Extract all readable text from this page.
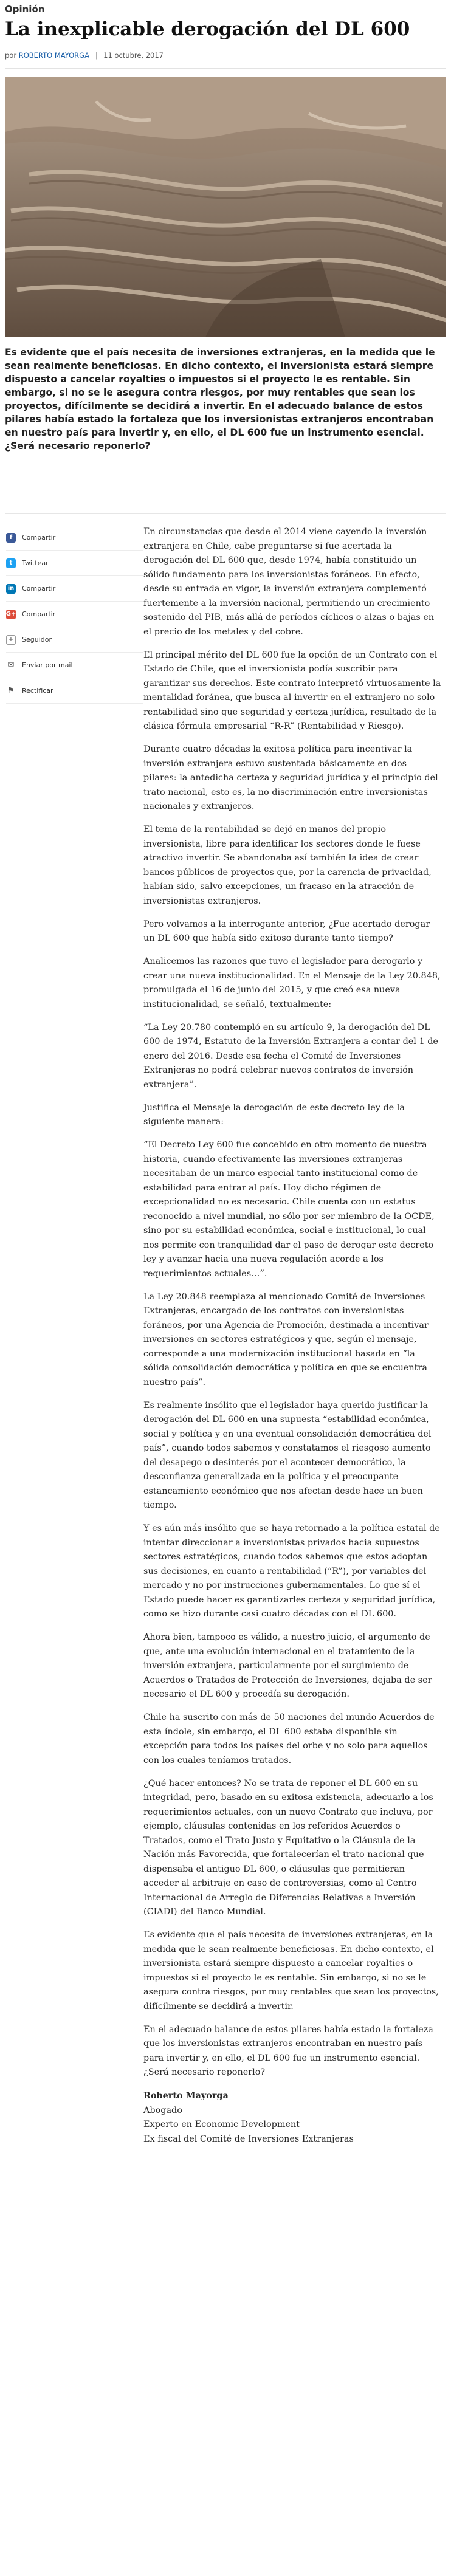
Opinión
La inexplicable derogación del DL 600
por ROBERTO MAYORGA | 11 octubre, 2017
Es evidente que el país necesita de inversiones extranjeras, en la medida que le sean realmente beneficiosas. En dicho contexto, el inversionista estará siempre dispuesto a cancelar royalties o impuestos si el proyecto le es rentable. Sin embargo, si no se le asegura contra riesgos, por muy rentables que sean los proyectos, difícilmente se decidirá a invertir. En el adecuado balance de estos pilares había estado la fortaleza que los inversionistas extranjeros encontraban en nuestro país para invertir y, en ello, el DL 600 fue un instrumento esencial. ¿Será necesario reponerlo?
f	Compartir
t	Twittear
in Compartir
G+ Compartir
+	Seguidor
✉ Enviar por mail
⚑ Rectificar

En circunstancias que desde el 2014 viene cayendo la inversión extranjera en Chile, cabe preguntarse si fue acertada la derogación del DL 600 que, desde 1974, había constituido un sólido fundamento para los inversionistas foráneos. En efecto, desde su entrada en vigor, la inversión extranjera complementó fuertemente a la inversión nacional, permitiendo un crecimiento sostenido del PIB, más allá de períodos cíclicos o alzas o bajas en el precio de los metales y del cobre.

El principal mérito del DL 600 fue la opción de un Contrato con el Estado de Chile, que el inversionista podía suscribir para garantizar sus derechos. Este contrato interpretó virtuosamente la mentalidad foránea, que busca al invertir en el extranjero no solo rentabilidad sino que seguridad y certeza jurídica, resultado de la clásica fórmula empresarial “R-R” (Rentabilidad y Riesgo).

Durante cuatro décadas la exitosa política para incentivar la inversión extranjera estuvo sustentada básicamente en dos pilares: la antedicha certeza y seguridad jurídica y el principio del trato nacional, esto es, la no discriminación entre inversionistas nacionales y extranjeros.

El tema de la rentabilidad se dejó en manos del propio inversionista, libre para identificar los sectores donde le fuese atractivo invertir. Se abandonaba así también la idea de crear bancos públicos de proyectos que, por la carencia de privacidad, habían sido, salvo excepciones, un fracaso en la atracción de inversionistas extranjeros.

Pero volvamos a la interrogante anterior, ¿Fue acertado derogar un DL 600 que había sido exitoso durante tanto tiempo?

Analicemos las razones que tuvo el legislador para derogarlo y crear una nueva institucionalidad. En el Mensaje de la Ley 20.848, promulgada el 16 de junio del 2015, y que creó esa nueva institucionalidad, se señaló, textualmente:

“La Ley 20.780 contempló en su artículo 9, la derogación del DL 600 de 1974, Estatuto de la Inversión Extranjera a contar del 1 de enero del 2016. Desde esa fecha el Comité de Inversiones Extranjeras no podrá celebrar nuevos contratos de inversión extranjera”.

Justifica el Mensaje la derogación de este decreto ley de la siguiente manera:

“El Decreto Ley 600 fue concebido en otro momento de nuestra historia, cuando efectivamente las inversiones extranjeras necesitaban de un marco especial tanto institucional como de estabilidad para entrar al país. Hoy dicho régimen de excepcionalidad no es necesario. Chile cuenta con un estatus reconocido a nivel mundial, no sólo por ser miembro de la OCDE, sino por su estabilidad económica, social e institucional, lo cual nos permite con tranquilidad dar el paso de derogar este decreto ley y avanzar hacia una nueva regulación acorde a los requerimientos actuales…”.

La Ley 20.848 reemplaza al mencionado Comité de Inversiones Extranjeras, encargado de los contratos con inversionistas foráneos, por una Agencia de Promoción, destinada a incentivar inversiones en sectores estratégicos y que, según el mensaje, corresponde a una modernización institucional basada en “la sólida consolidación democrática y política en que se encuentra nuestro país”.

Es realmente insólito que el legislador haya querido justificar la derogación del DL 600 en una supuesta “estabilidad económica, social y política y en una eventual consolidación democrática del país”, cuando todos sabemos y constatamos el riesgoso aumento del desapego o desinterés por el acontecer democrático, la desconfianza generalizada en la política y el preocupante estancamiento económico que nos afectan desde hace un buen tiempo.

Y es aún más insólito que se haya retornado a la política estatal de intentar direccionar a inversionistas privados hacia supuestos sectores estratégicos, cuando todos sabemos que estos adoptan sus decisiones, en cuanto a rentabilidad (“R”), por variables del mercado y no por instrucciones gubernamentales. Lo que sí el Estado puede hacer es garantizarles certeza y seguridad jurídica, como se hizo durante casi cuatro décadas con el DL 600.

Ahora bien, tampoco es válido, a nuestro juicio, el argumento de que, ante una evolución internacional en el tratamiento de la inversión extranjera, particularmente por el surgimiento de Acuerdos o Tratados de Protección de Inversiones, dejaba de ser necesario el DL 600 y procedía su derogación.

Chile ha suscrito con más de 50 naciones del mundo Acuerdos de esta índole, sin embargo, el DL 600 estaba disponible sin excepción para todos los países del orbe y no solo para aquellos con los cuales teníamos tratados.

¿Qué hacer entonces? No se trata de reponer el DL 600 en su integridad, pero, basado en su exitosa existencia, adecuarlo a los requerimientos actuales, con un nuevo Contrato que incluya, por ejemplo, cláusulas contenidas en los referidos Acuerdos o Tratados, como el Trato Justo y Equitativo o la Cláusula de la Nación más Favorecida, que fortalecerían el trato nacional que dispensaba el antiguo DL 600, o cláusulas que permitieran acceder al arbitraje en caso de controversias, como al Centro Internacional de Arreglo de Diferencias Relativas a Inversión (CIADI) del Banco Mundial.

Es evidente que el país necesita de inversiones extranjeras, en la medida que le sean realmente beneficiosas. En dicho contexto, el inversionista estará siempre dispuesto a cancelar royalties o impuestos si el proyecto le es rentable. Sin embargo, si no se le asegura contra riesgos, por muy rentables que sean los proyectos, difícilmente se decidirá a invertir.

En el adecuado balance de estos pilares había estado la fortaleza que los inversionistas extranjeros encontraban en nuestro país para invertir y, en ello, el DL 600 fue un instrumento esencial. ¿Será necesario reponerlo?

Roberto Mayorga

Abogado

Experto en Economic Development

Ex fiscal del Comité de Inversiones Extranjeras
